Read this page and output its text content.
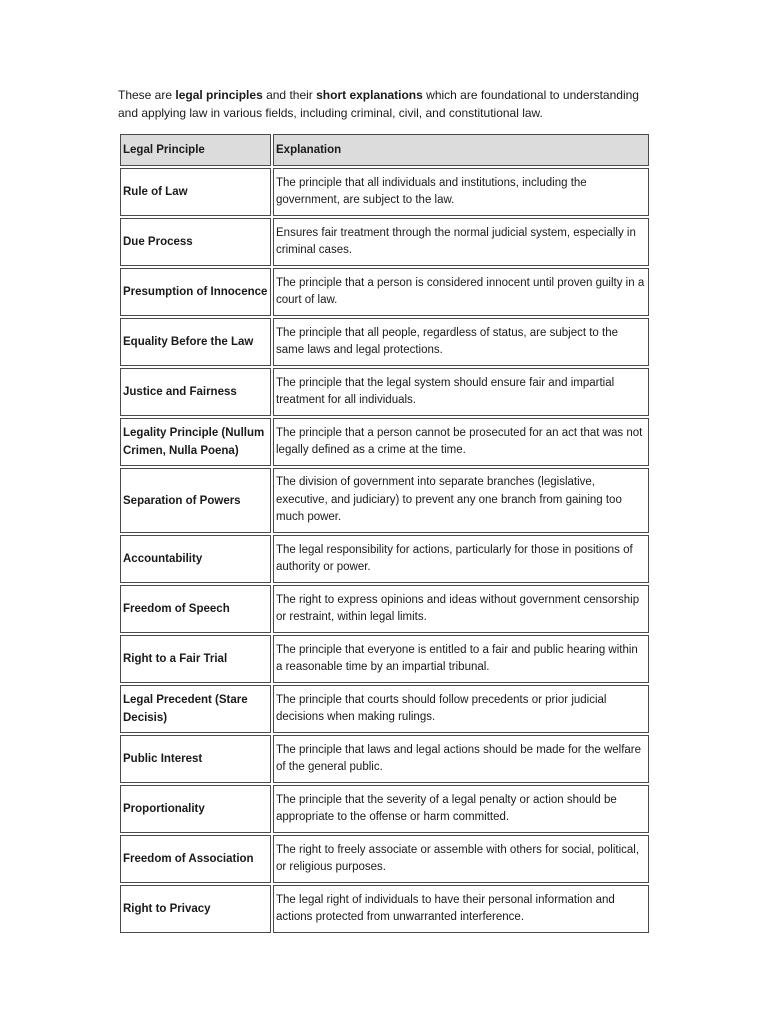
These are legal principles and their short explanations which are foundational to understanding and applying law in various fields, including criminal, civil, and constitutional law.

Legal Principle	Explanation
Rule of Law	The principle that all individuals and institutions, including the government, are subject to the law.
Due Process	Ensures fair treatment through the normal judicial system, especially in criminal cases.
Presumption of Innocence	The principle that a person is considered innocent until proven guilty in a court of law.
Equality Before the Law	The principle that all people, regardless of status, are subject to the same laws and legal protections.
Justice and Fairness	The principle that the legal system should ensure fair and impartial treatment for all individuals.
Legality Principle (Nullum Crimen, Nulla Poena)	The principle that a person cannot be prosecuted for an act that was not legally defined as a crime at the time.
Separation of Powers	The division of government into separate branches (legislative, executive, and judiciary) to prevent any one branch from gaining too much power.
Accountability	The legal responsibility for actions, particularly for those in positions of authority or power.
Freedom of Speech	The right to express opinions and ideas without government censorship or restraint, within legal limits.
Right to a Fair Trial	The principle that everyone is entitled to a fair and public hearing within a reasonable time by an impartial tribunal.
Legal Precedent (Stare Decisis)	The principle that courts should follow precedents or prior judicial decisions when making rulings.
Public Interest	The principle that laws and legal actions should be made for the welfare of the general public.
Proportionality	The principle that the severity of a legal penalty or action should be appropriate to the offense or harm committed.
Freedom of Association	The right to freely associate or assemble with others for social, political, or religious purposes.
Right to Privacy	The legal right of individuals to have their personal information and actions protected from unwarranted interference.
